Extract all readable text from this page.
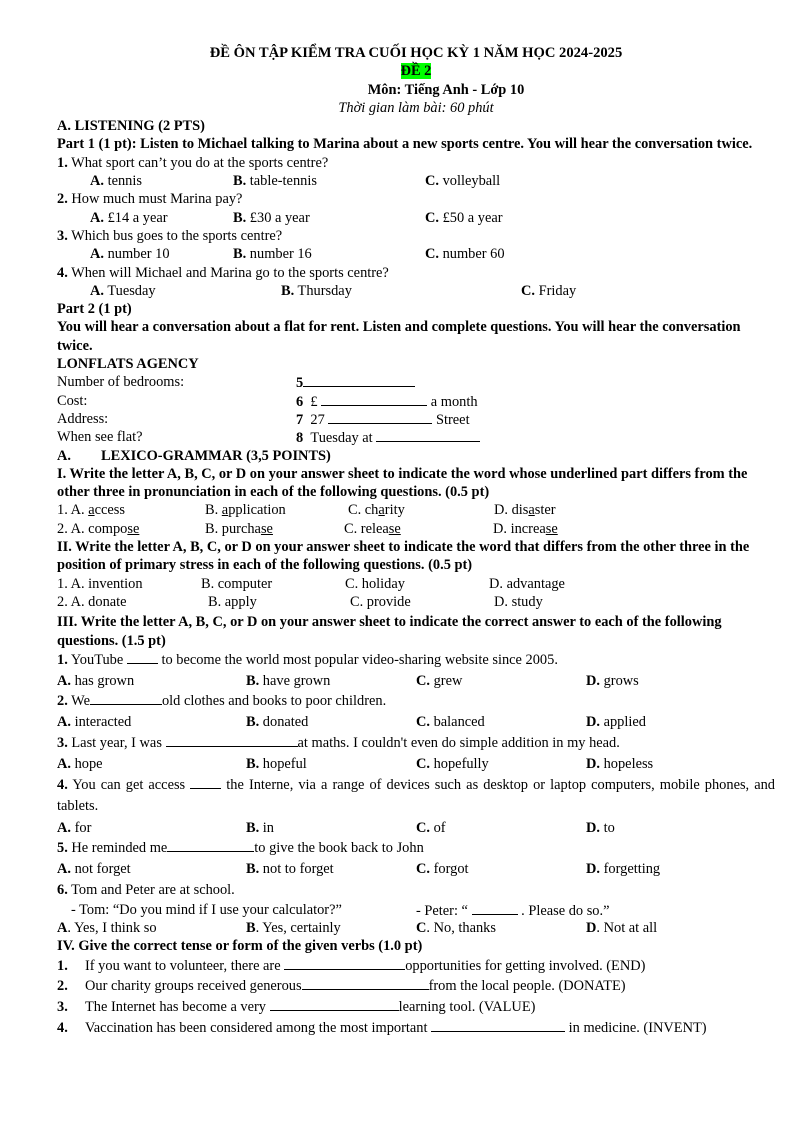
ĐỀ ÔN TẬP KIỂM TRA CUỐI HỌC KỲ 1 NĂM HỌC 2024-2025
ĐỀ 2
Môn: Tiếng Anh - Lớp 10
Thời gian làm bài: 60 phút
A. LISTENING (2 PTS)
Part 1 (1 pt): Listen to Michael talking to Marina about a new sports centre. You will hear the conversation twice.
1. What sport can’t you do at the sports centre?
A. tennis	B. table-tennis	C. volleyball
2. How much must Marina pay?
A. £14 a year	B. £30 a year	C. £50 a year
3. Which bus goes to the sports centre?
A. number 10	B. number 16	C. number 60
4. When will Michael and Marina go to the sports centre?
A. Tuesday	B. Thursday	C. Friday
Part 2 (1 pt)
You will hear a conversation about a flat for rent. Listen and complete questions. You will hear the conversation twice.
LONFLATS AGENCY
Number of bedrooms:	5
Cost:	6 £	a month
Address:	7 27	Street
When see flat?	8 Tuesday at
A. LEXICO-GRAMMAR (3,5 POINTS)
I. Write the letter A, B, C, or D on your answer sheet to indicate the word whose underlined part differs from the other three in pronunciation in each of the following questions. (0.5 pt)
1. A. access	B. application	C. charity	D. disaster
2. A. compose	B. purchase	C. release	D. increase
II. Write the letter A, B, C, or D on your answer sheet to indicate the word that differs from the other three in the position of primary stress in each of the following questions. (0.5 pt)
1. A. invention	B. computer	C. holiday	D. advantage
2. A. donate	B. apply	C. provide	D. study
III. Write the letter A, B, C, or D on your answer sheet to indicate the correct answer to each of the following questions. (1.5 pt)
1. YouTube  to become the world most popular video-sharing website since 2005.
A. has grown	B. have grown	C. grew	D. grows
2. We	old clothes and books to poor children.
A. interacted	B. donated	C. balanced	D. applied
3. Last year, I was	at maths. I couldn't even do simple addition in my head.
A. hope	B. hopeful	C. hopefully	D. hopeless
4. You can get access  the Interne, via a range of devices such as desktop or laptop computers, mobile phones, and tablets.
A. for	B. in	C. of	D. to
5. He reminded me	to give the book back to John
A. not forget	B. not to forget	C. forgot	D. forgetting
6. Tom and Peter are at school.
- Tom: “Do you mind if I use your calculator?”	- Peter: “	. Please do so.”
A. Yes, I think so	B. Yes, certainly	C. No, thanks	D. Not at all
IV. Give the correct tense or form of the given verbs (1.0 pt)
1. If you want to volunteer, there are	opportunities for getting involved. (END)
2. Our charity groups received generous	from the local people. (DONATE)
3. The Internet has become a very	learning tool. (VALUE)
4. Vaccination has been considered among the most important	in medicine. (INVENT)
